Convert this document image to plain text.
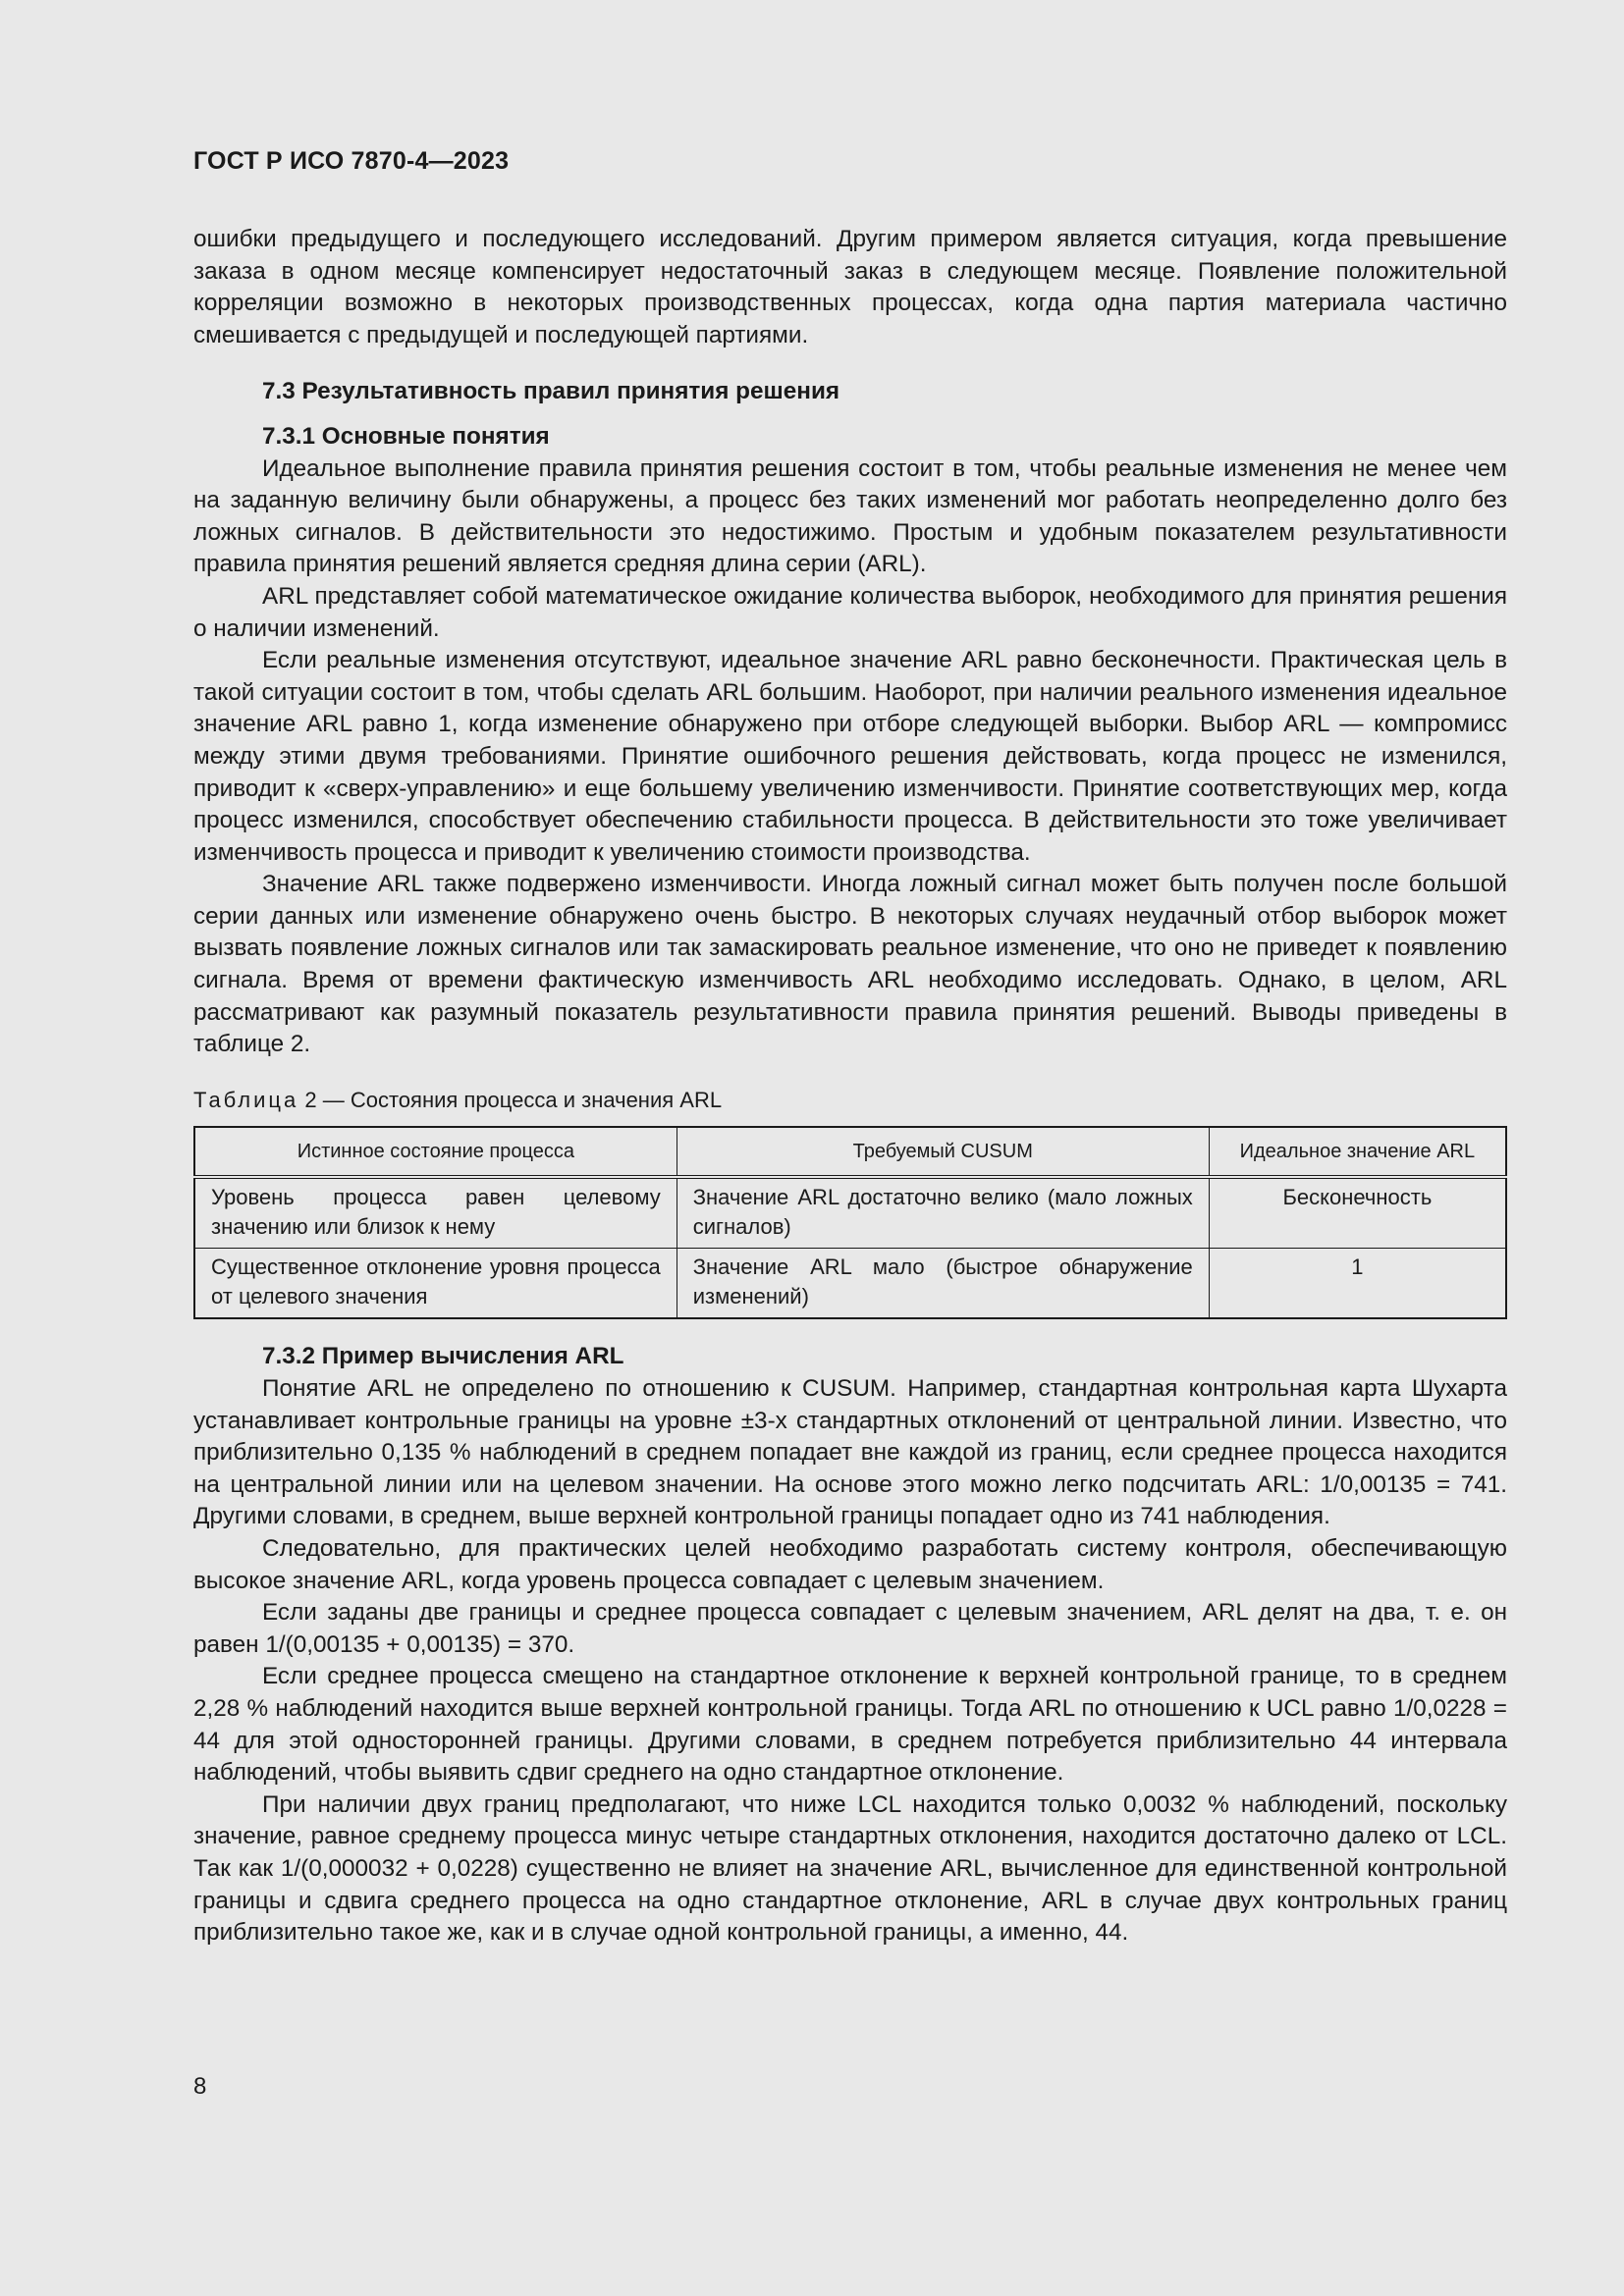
ГОСТ Р ИСО 7870-4—2023

ошибки предыдущего и последующего исследований. Другим примером является ситуация, когда превышение заказа в одном месяце компенсирует недостаточный заказ в следующем месяце. Появление положительной корреляции возможно в некоторых производственных процессах, когда одна партия материала частично смешивается с предыдущей и последующей партиями.

7.3 Результативность правил принятия решения

7.3.1 Основные понятия

Идеальное выполнение правила принятия решения состоит в том, чтобы реальные изменения не менее чем на заданную величину были обнаружены, а процесс без таких изменений мог работать неопределенно долго без ложных сигналов. В действительности это недостижимо. Простым и удобным показателем результативности правила принятия решений является средняя длина серии (ARL).

ARL представляет собой математическое ожидание количества выборок, необходимого для принятия решения о наличии изменений.

Если реальные изменения отсутствуют, идеальное значение ARL равно бесконечности. Практическая цель в такой ситуации состоит в том, чтобы сделать ARL большим. Наоборот, при наличии реального изменения идеальное значение ARL равно 1, когда изменение обнаружено при отборе следующей выборки. Выбор ARL — компромисс между этими двумя требованиями. Принятие ошибочного решения действовать, когда процесс не изменился, приводит к «сверх-управлению» и еще большему увеличению изменчивости. Принятие соответствующих мер, когда процесс изменился, способствует обеспечению стабильности процесса. В действительности это тоже увеличивает изменчивость процесса и приводит к увеличению стоимости производства.

Значение ARL также подвержено изменчивости. Иногда ложный сигнал может быть получен после большой серии данных или изменение обнаружено очень быстро. В некоторых случаях неудачный отбор выборок может вызвать появление ложных сигналов или так замаскировать реальное изменение, что оно не приведет к появлению сигнала. Время от времени фактическую изменчивость ARL необходимо исследовать. Однако, в целом, ARL рассматривают как разумный показатель результативности правила принятия решений. Выводы приведены в таблице 2.

Таблица 2 — Состояния процесса и значения ARL

Истинное состояние процесса	Требуемый CUSUM	Идеальное значение ARL
Уровень процесса равен целевому значению или близок к нему	Значение ARL достаточно велико (мало ложных сигналов)	Бесконечность
Существенное отклонение уровня процесса от целевого значения	Значение ARL мало (быстрое обнаружение изменений)	1

7.3.2 Пример вычисления ARL

Понятие ARL не определено по отношению к CUSUM. Например, стандартная контрольная карта Шухарта устанавливает контрольные границы на уровне ±3-х стандартных отклонений от центральной линии. Известно, что приблизительно 0,135 % наблюдений в среднем попадает вне каждой из границ, если среднее процесса находится на центральной линии или на целевом значении. На основе этого можно легко подсчитать ARL: 1/0,00135 = 741. Другими словами, в среднем, выше верхней контрольной границы попадает одно из 741 наблюдения.

Следовательно, для практических целей необходимо разработать систему контроля, обеспечивающую высокое значение ARL, когда уровень процесса совпадает с целевым значением.

Если заданы две границы и среднее процесса совпадает с целевым значением, ARL делят на два, т. е. он равен 1/(0,00135 + 0,00135) = 370.

Если среднее процесса смещено на стандартное отклонение к верхней контрольной границе, то в среднем 2,28 % наблюдений находится выше верхней контрольной границы. Тогда ARL по отношению к UCL равно 1/0,0228 = 44 для этой односторонней границы. Другими словами, в среднем потребуется приблизительно 44 интервала наблюдений, чтобы выявить сдвиг среднего на одно стандартное отклонение.

При наличии двух границ предполагают, что ниже LCL находится только 0,0032 % наблюдений, поскольку значение, равное среднему процесса минус четыре стандартных отклонения, находится достаточно далеко от LCL. Так как 1/(0,000032 + 0,0228) существенно не влияет на значение ARL, вычисленное для единственной контрольной границы и сдвига среднего процесса на одно стандартное отклонение, ARL в случае двух контрольных границ приблизительно такое же, как и в случае одной контрольной границы, а именно, 44.

8
